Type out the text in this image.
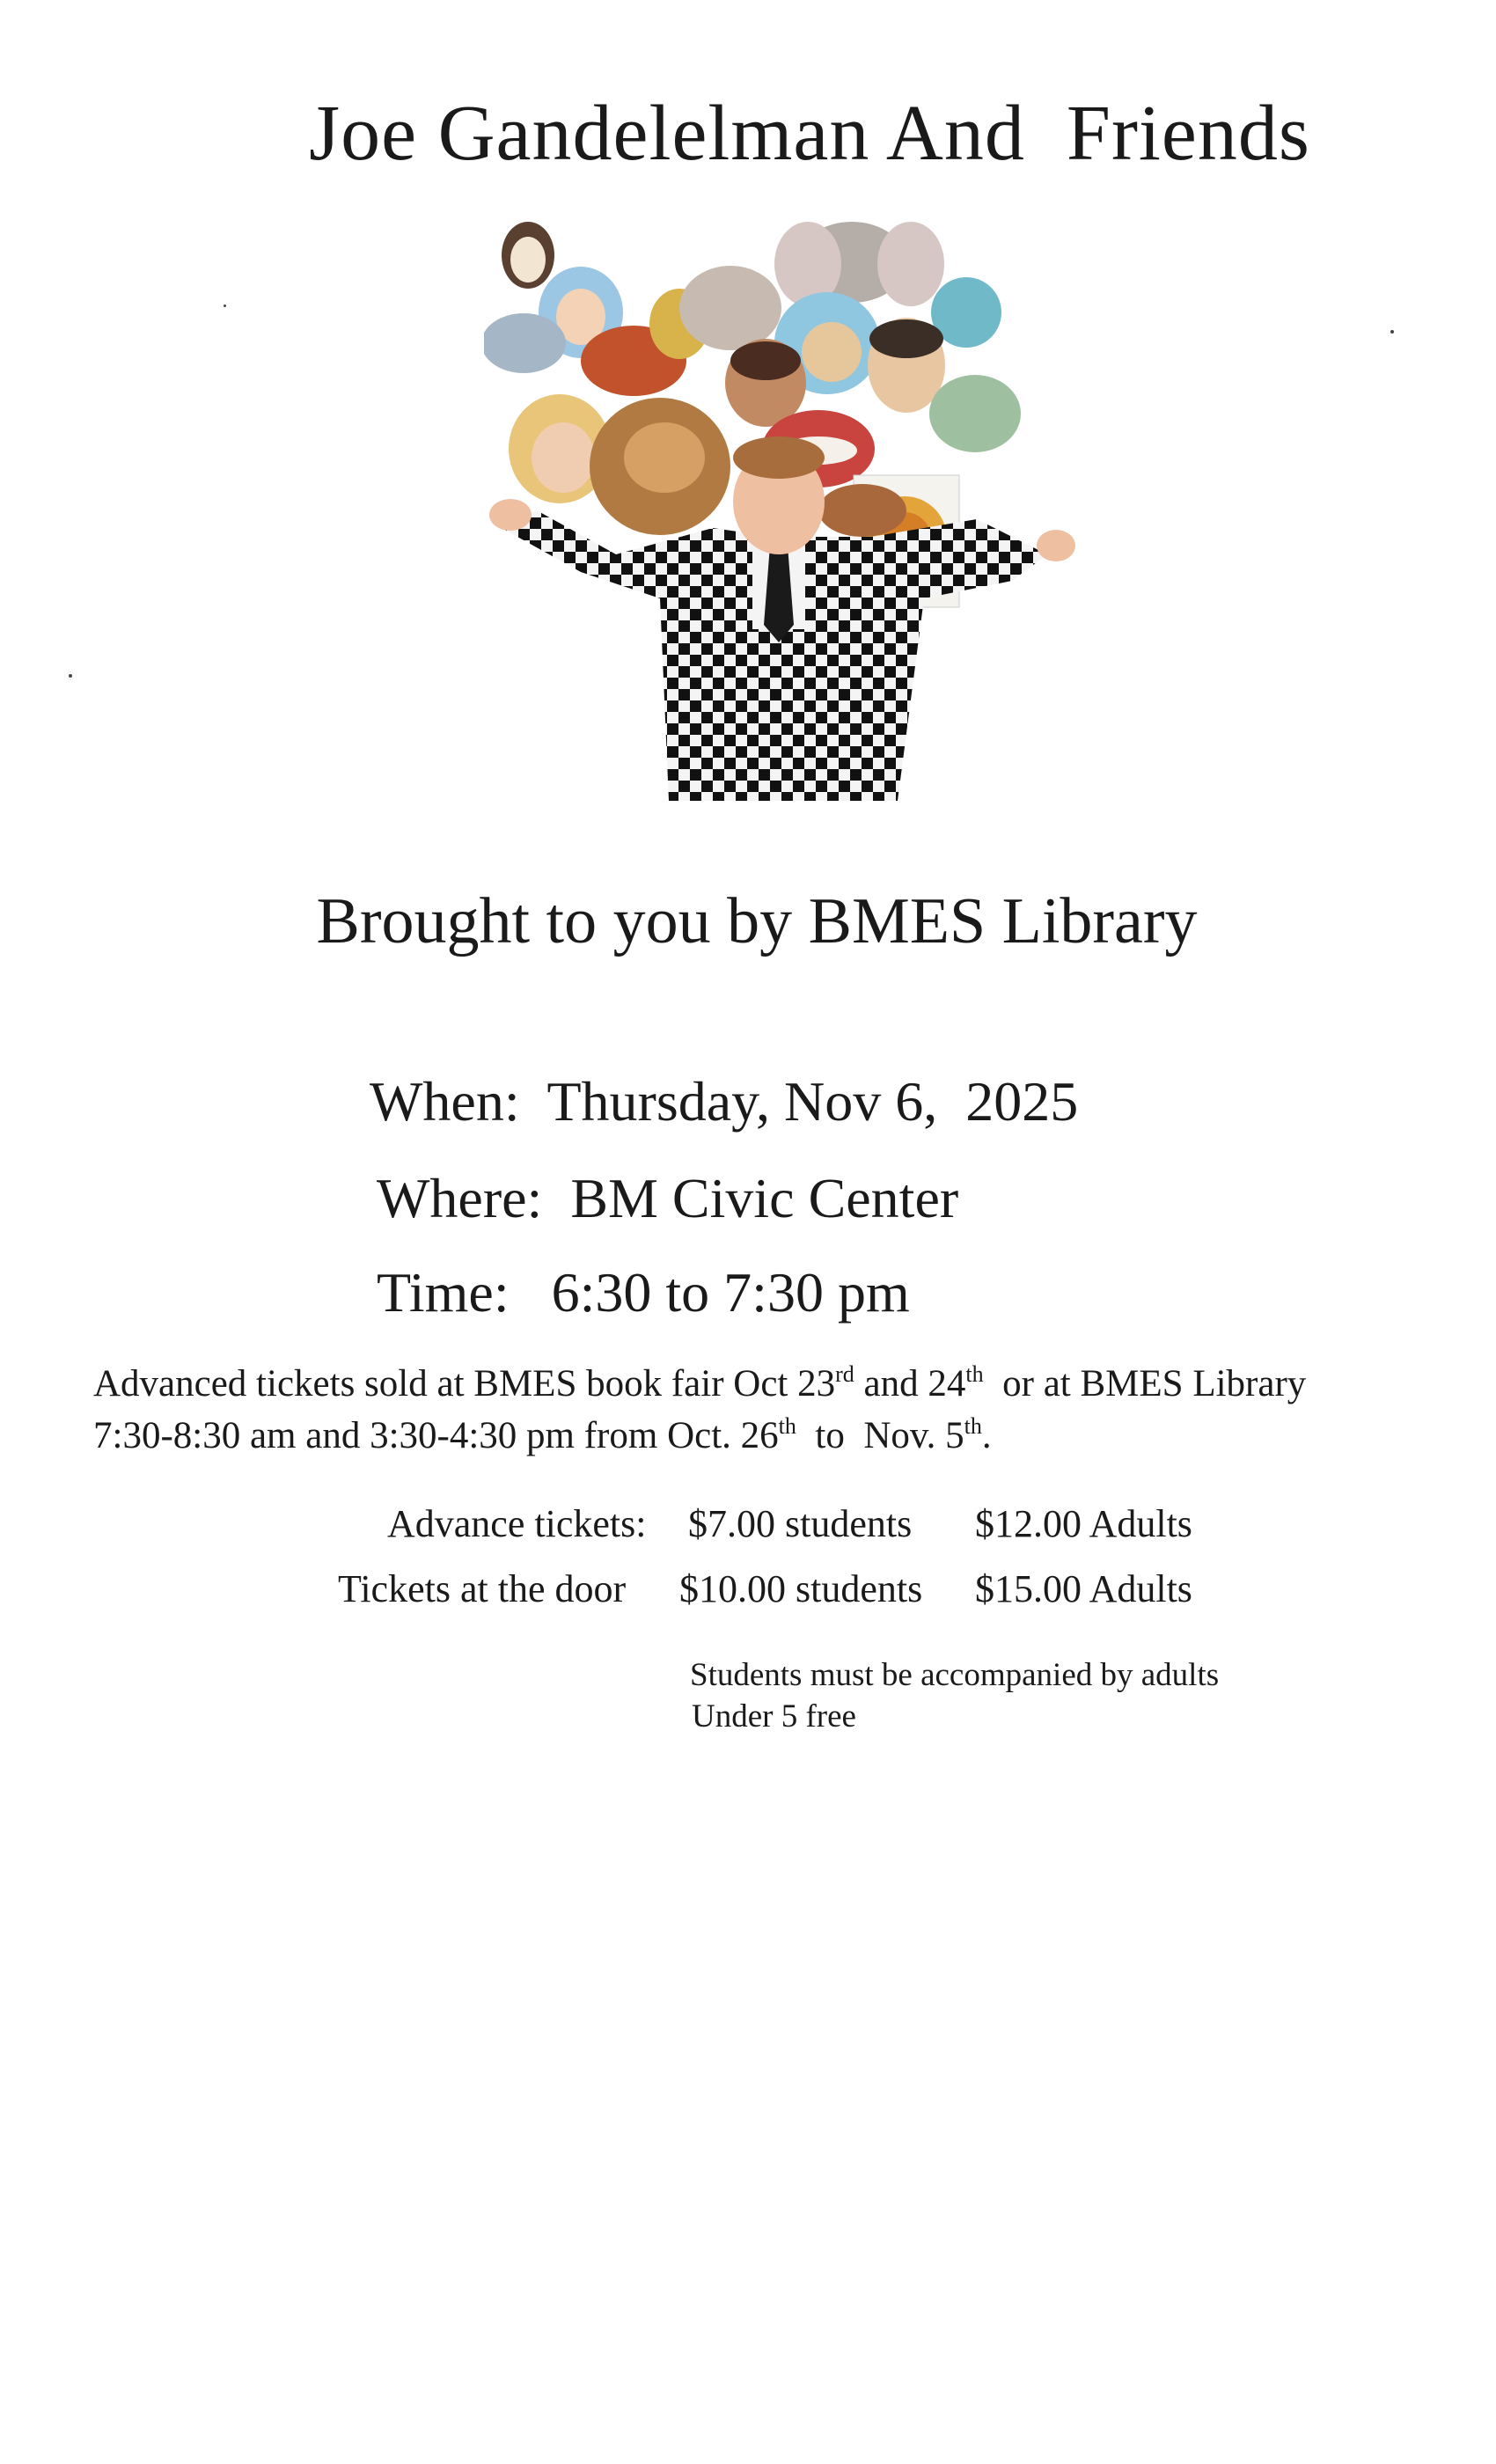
Joe Gandelelman And  Friends
Brought to you by BMES Library
When:  Thursday, Nov 6,  2025
Where:  BM Civic Center
Time:   6:30 to 7:30 pm
Advanced tickets sold at BMES book fair Oct 23rd and 24th  or at BMES Library
7:30-8:30 am and 3:30-4:30 pm from Oct. 26th  to  Nov. 5th.
Advance tickets: $7.00 students $12.00 Adults
Tickets at the door $10.00 students $15.00 Adults
Students must be accompanied by adults
Under 5 free
